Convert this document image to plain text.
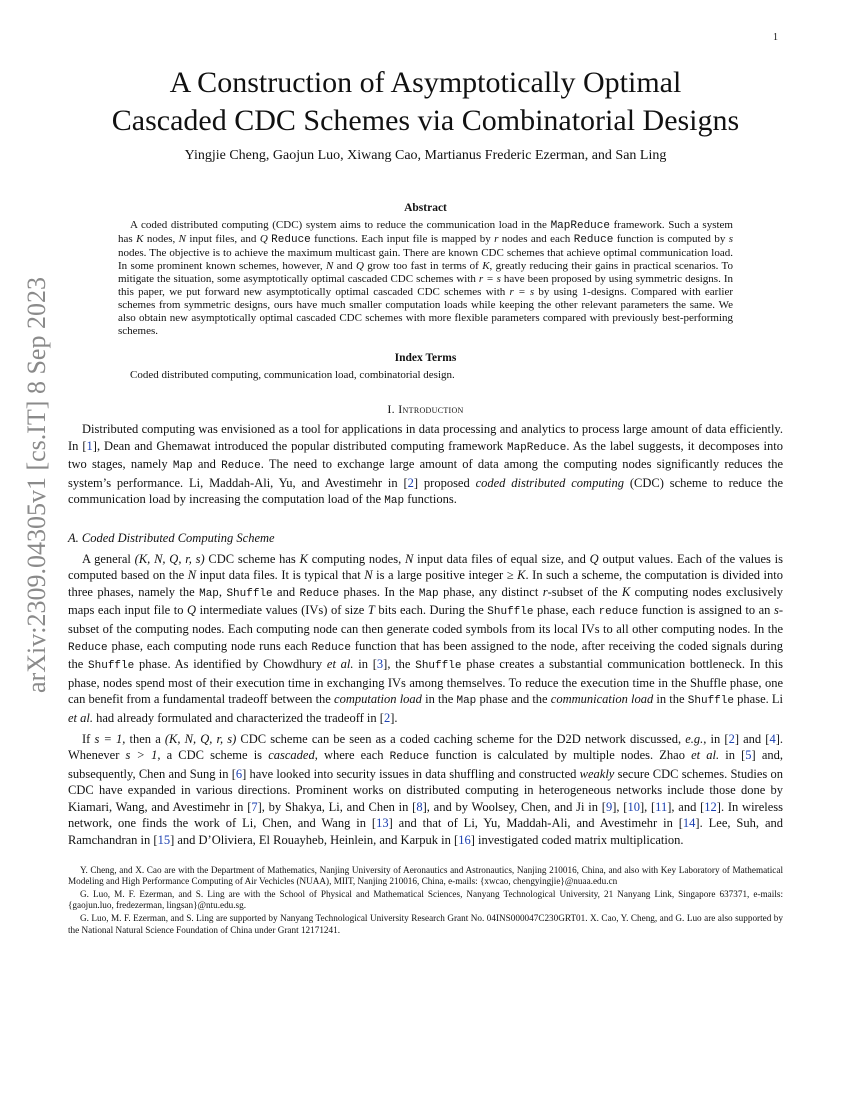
1
arXiv:2309.04305v1 [cs.IT] 8 Sep 2023
A Construction of Asymptotically Optimal
Cascaded CDC Schemes via Combinatorial Designs
Yingjie Cheng, Gaojun Luo, Xiwang Cao, Martianus Frederic Ezerman, and San Ling
Abstract

A coded distributed computing (CDC) system aims to reduce the communication load in the MapReduce framework. Such a system has K nodes, N input files, and Q Reduce functions. Each input file is mapped by r nodes and each Reduce function is computed by s nodes. The objective is to achieve the maximum multicast gain. There are known CDC schemes that achieve optimal communication load. In some prominent known schemes, however, N and Q grow too fast in terms of K, greatly reducing their gains in practical scenarios. To mitigate the situation, some asymptotically optimal cascaded CDC schemes with r = s have been proposed by using symmetric designs. In this paper, we put forward new asymptotically optimal cascaded CDC schemes with r = s by using 1-designs. Compared with earlier schemes from symmetric designs, ours have much smaller computation loads while keeping the other relevant parameters the same. We also obtain new asymptotically optimal cascaded CDC schemes with more flexible parameters compared with previously best-performing schemes.

Index Terms

Coded distributed computing, communication load, combinatorial design.

I. Introduction

Distributed computing was envisioned as a tool for applications in data processing and analytics to process large amount of data efficiently. In [1], Dean and Ghemawat introduced the popular distributed computing framework MapReduce. As the label suggests, it decomposes into two stages, namely Map and Reduce. The need to exchange large amount of data among the computing nodes significantly reduces the system’s performance. Li, Maddah-Ali, Yu, and Avestimehr in [2] proposed coded distributed computing (CDC) scheme to reduce the communication load by increasing the computation load of the Map functions.

A. Coded Distributed Computing Scheme

A general (K, N, Q, r, s) CDC scheme has K computing nodes, N input data files of equal size, and Q output values. Each of the values is computed based on the N input data files. It is typical that N is a large positive integer ≥ K. In such a scheme, the computation is divided into three phases, namely the Map, Shuffle and Reduce phases. In the Map phase, any distinct r-subset of the K computing nodes exclusively maps each input file to Q intermediate values (IVs) of size T bits each. During the Shuffle phase, each reduce function is assigned to an s-subset of the computing nodes. Each computing node can then generate coded symbols from its local IVs to all other computing nodes. In the Reduce phase, each computing node runs each Reduce function that has been assigned to the node, after receiving the coded signals during the Shuffle phase. As identified by Chowdhury et al. in [3], the Shuffle phase creates a substantial communication bottleneck. In this phase, nodes spend most of their execution time in exchanging IVs among themselves. To reduce the execution time in the Shuffle phase, one can benefit from a fundamental tradeoff between the computation load in the Map phase and the communication load in the Shuffle phase. Li et al. had already formulated and characterized the tradeoff in [2].

If s = 1, then a (K, N, Q, r, s) CDC scheme can be seen as a coded caching scheme for the D2D network discussed, e.g., in [2] and [4]. Whenever s > 1, a CDC scheme is cascaded, where each Reduce function is calculated by multiple nodes. Zhao et al. in [5] and, subsequently, Chen and Sung in [6] have looked into security issues in data shuffling and constructed weakly secure CDC schemes. Studies on CDC have expanded in various directions. Prominent works on distributed computing in heterogeneous networks include those done by Kiamari, Wang, and Avestimehr in [7], by Shakya, Li, and Chen in [8], and by Woolsey, Chen, and Ji in [9], [10], [11], and [12]. In wireless network, one finds the work of Li, Chen, and Wang in [13] and that of Li, Yu, Maddah-Ali, and Avestimehr in [14]. Lee, Suh, and Ramchandran in [15] and D’Oliviera, El Rouayheb, Heinlein, and Karpuk in [16] investigated coded matrix multiplication.

Y. Cheng, and X. Cao are with the Department of Mathematics, Nanjing University of Aeronautics and Astronautics, Nanjing 210016, China, and also with Key Laboratory of Mathematical Modeling and High Performance Computing of Air Vechicles (NUAA), MIIT, Nanjing 210016, China, e-mails: {xwcao, chengyingjie}@nuaa.edu.cn

G. Luo, M. F. Ezerman, and S. Ling are with the School of Physical and Mathematical Sciences, Nanyang Technological University, 21 Nanyang Link, Singapore 637371, e-mails: {gaojun.luo, fredezerman, lingsan}@ntu.edu.sg.

G. Luo, M. F. Ezerman, and S. Ling are supported by Nanyang Technological University Research Grant No. 04INS000047C230GRT01. X. Cao, Y. Cheng, and G. Luo are also supported by the National Natural Science Foundation of China under Grant 12171241.
